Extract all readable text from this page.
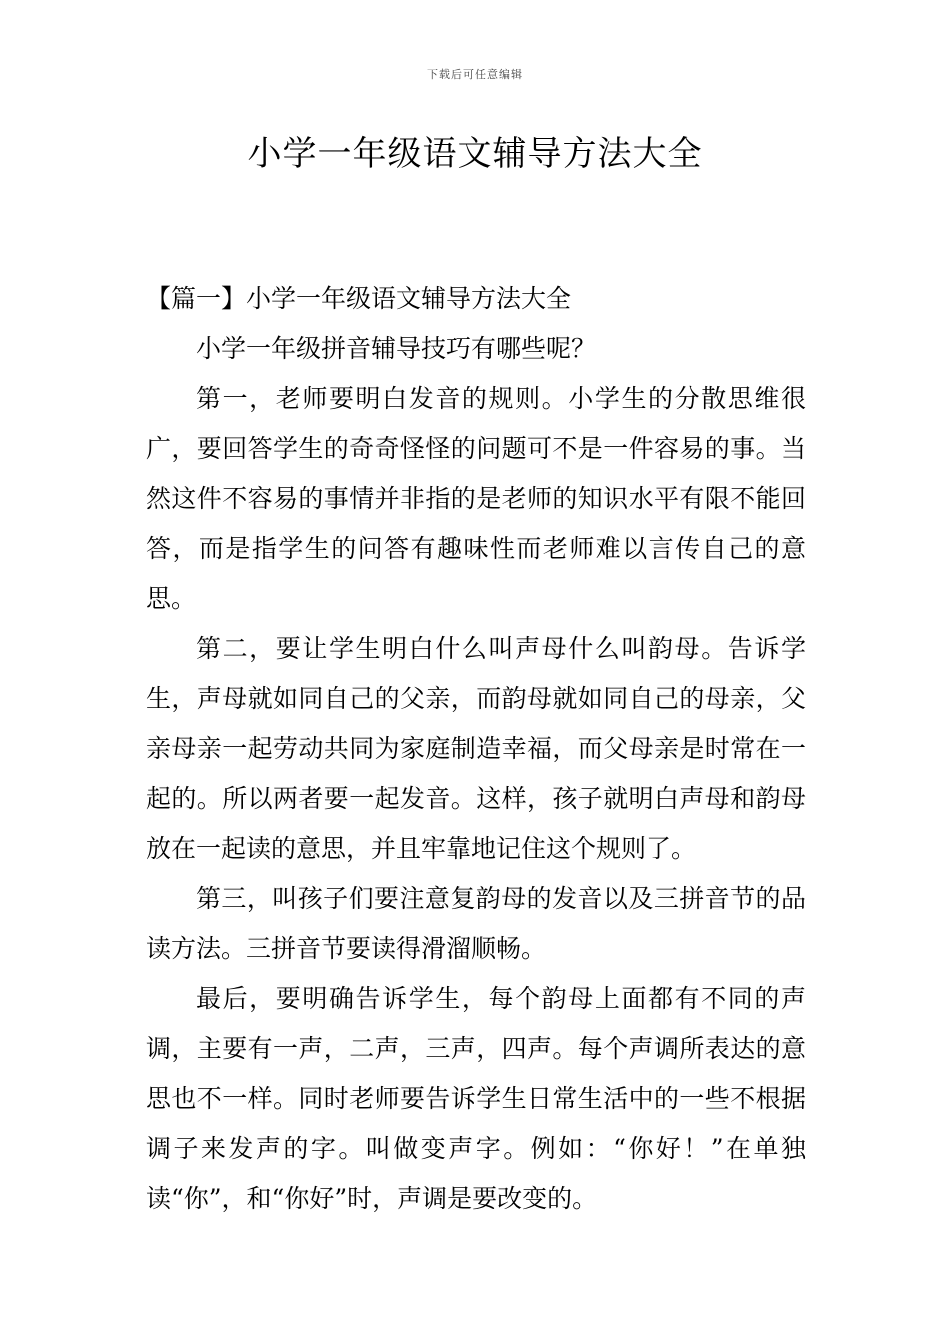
下载后可任意编辑
小学一年级语文辅导方法大全

【篇一】小学一年级语文辅导方法大全

小学一年级拼音辅导技巧有哪些呢？

第一，老师要明白发音的规则。小学生的分散思维很广，要回答学生的奇奇怪怪的问题可不是一件容易的事。当然这件不容易的事情并非指的是老师的知识水平有限不能回答，而是指学生的问答有趣味性而老师难以言传自己的意思。

第二，要让学生明白什么叫声母什么叫韵母。告诉学生，声母就如同自己的父亲，而韵母就如同自己的母亲，父亲母亲一起劳动共同为家庭制造幸福，而父母亲是时常在一起的。所以两者要一起发音。这样，孩子就明白声母和韵母放在一起读的意思，并且牢靠地记住这个规则了。

第三，叫孩子们要注意复韵母的发音以及三拼音节的品读方法。三拼音节要读得滑溜顺畅。

最后，要明确告诉学生，每个韵母上面都有不同的声调，主要有一声，二声，三声，四声。每个声调所表达的意思也不一样。同时老师要告诉学生日常生活中的一些不根据调子来发声的字。叫做变声字。例如：“你好！”在单独读“你”，和“你好”时，声调是要改变的。
